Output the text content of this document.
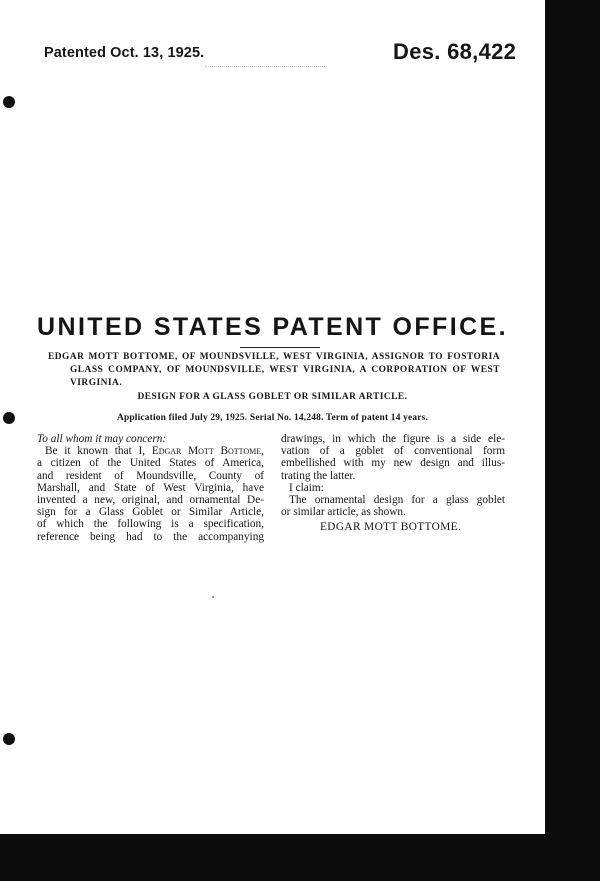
Patented Oct. 13, 1925.	Des. 68,422
UNITED STATES PATENT OFFICE.
EDGAR MOTT BOTTOME, OF MOUNDSVILLE, WEST VIRGINIA, ASSIGNOR TO FOSTORIA
GLASS COMPANY, OF MOUNDSVILLE, WEST VIRGINIA, A CORPORATION OF WEST
VIRGINIA.
DESIGN FOR A GLASS GOBLET OR SIMILAR ARTICLE.
Application filed July 29, 1925. Serial No. 14,248. Term of patent 14 years.

To all whom it may concern:

Be it known that I, Edgar Mott Bottome,

a citizen of the United States of America,

and resident of Moundsville, County of

Marshall, and State of West Virginia, have

invented a new, original, and ornamental De-

sign for a Glass Goblet or Similar Article,

of which the following is a specification,

reference being had to the accompanying

drawings, in which the figure is a side ele-

vation of a goblet of conventional form

embellished with my new design and illus-

trating the latter.

I claim:

The ornamental design for a glass goblet

or similar article, as shown.

EDGAR MOTT BOTTOME.
